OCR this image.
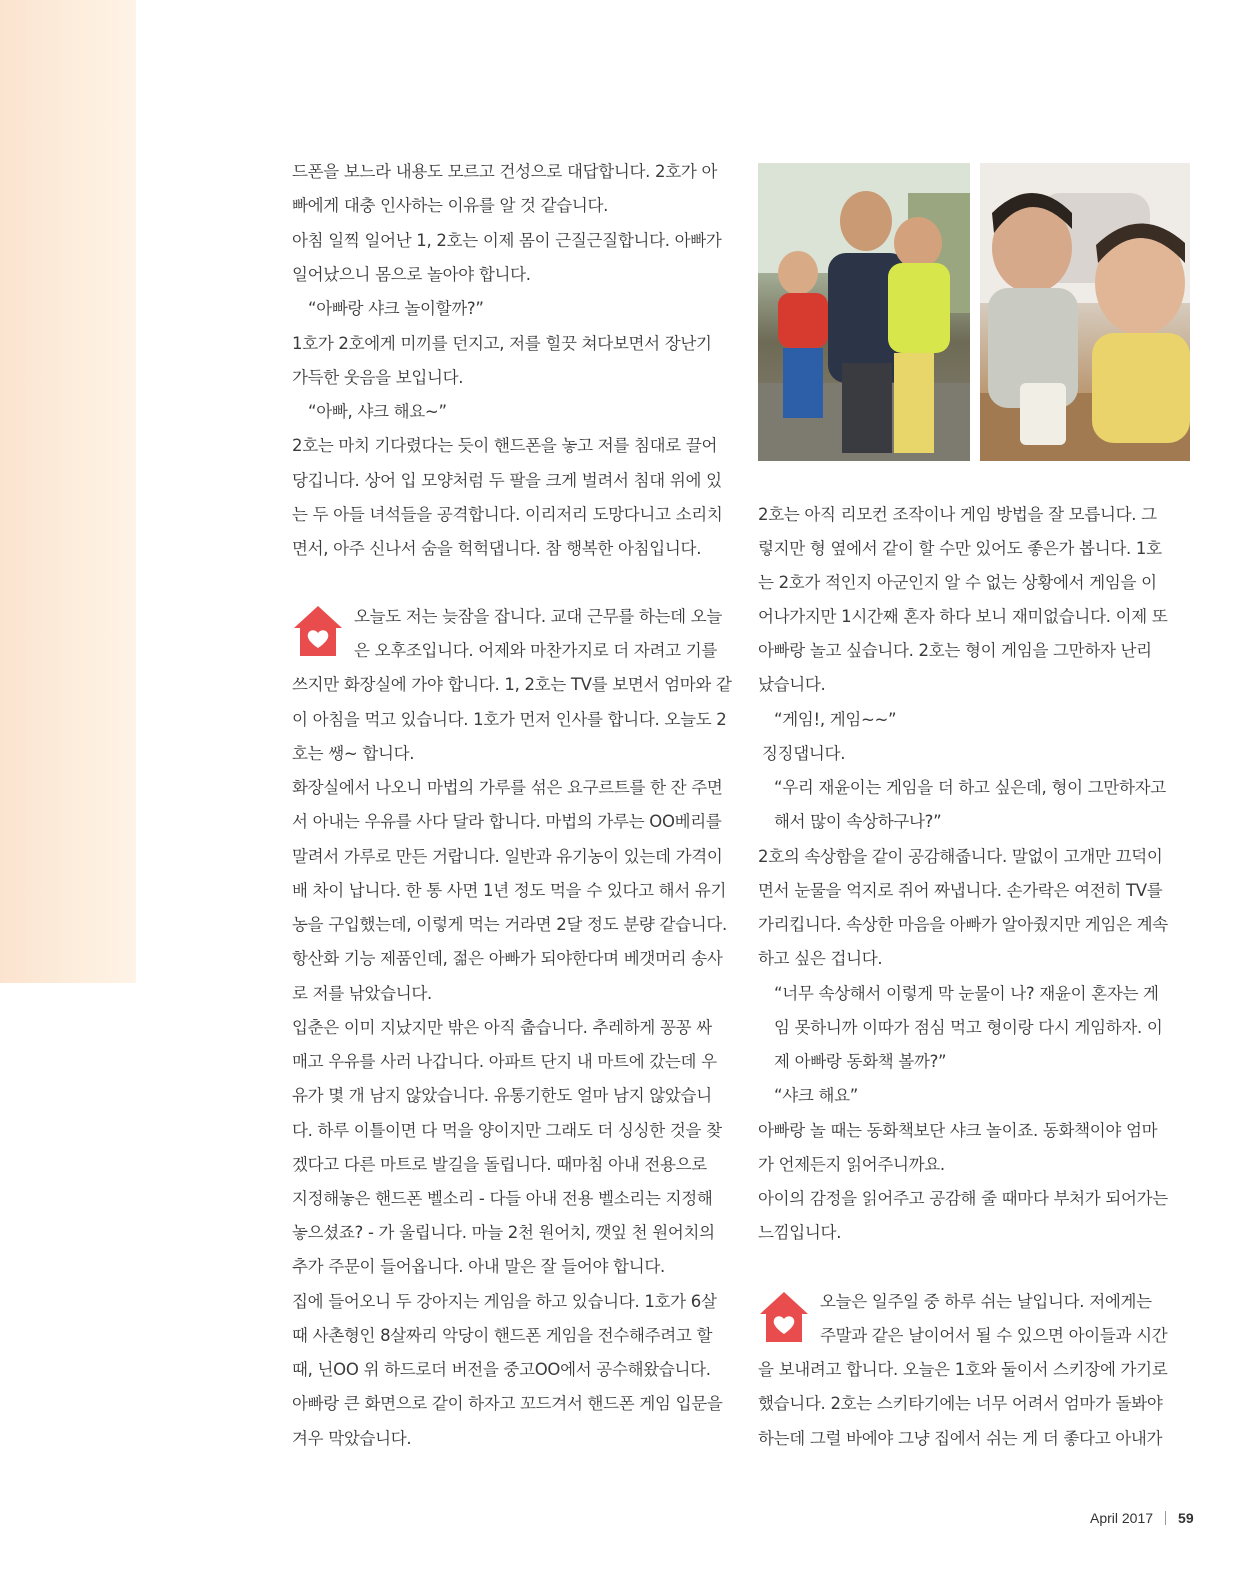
드폰을 보느라 내용도 모르고 건성으로 대답합니다. 2호가 아
빠에게 대충 인사하는 이유를 알 것 같습니다.
아침 일찍 일어난 1, 2호는 이제 몸이 근질근질합니다. 아빠가
일어났으니 몸으로 놀아야 합니다.
“아빠랑 샤크 놀이할까?”
1호가 2호에게 미끼를 던지고, 저를 힐끗 쳐다보면서 장난기
가득한 웃음을 보입니다.
“아빠, 샤크 해요~”
2호는 마치 기다렸다는 듯이 핸드폰을 놓고 저를 침대로 끌어
당깁니다. 상어 입 모양처럼 두 팔을 크게 벌려서 침대 위에 있
는 두 아들 녀석들을 공격합니다. 이리저리 도망다니고 소리치
면서, 아주 신나서 숨을 헉헉댑니다. 참 행복한 아침입니다.
오늘도 저는 늦잠을 잡니다. 교대 근무를 하는데 오늘
은 오후조입니다. 어제와 마찬가지로 더 자려고 기를
쓰지만 화장실에 가야 합니다. 1, 2호는 TV를 보면서 엄마와 같
이 아침을 먹고 있습니다. 1호가 먼저 인사를 합니다. 오늘도 2
호는 쌩~ 합니다.
화장실에서 나오니 마법의 가루를 섞은 요구르트를 한 잔 주면
서 아내는 우유를 사다 달라 합니다. 마법의 가루는 OO베리를
말려서 가루로 만든 거랍니다. 일반과 유기농이 있는데 가격이
배 차이 납니다. 한 통 사면 1년 정도 먹을 수 있다고 해서 유기
농을 구입했는데, 이렇게 먹는 거라면 2달 정도 분량 같습니다.
항산화 기능 제품인데, 젊은 아빠가 되야한다며 베갯머리 송사
로 저를 낚았습니다.
입춘은 이미 지났지만 밖은 아직 춥습니다. 추레하게 꽁꽁 싸
매고 우유를 사러 나갑니다. 아파트 단지 내 마트에 갔는데 우
유가 몇 개 남지 않았습니다. 유통기한도 얼마 남지 않았습니
다. 하루 이틀이면 다 먹을 양이지만 그래도 더 싱싱한 것을 찾
겠다고 다른 마트로 발길을 돌립니다. 때마침 아내 전용으로
지정해놓은 핸드폰 벨소리 - 다들 아내 전용 벨소리는 지정해
놓으셨죠? - 가 울립니다. 마늘 2천 원어치, 깻잎 천 원어치의
추가 주문이 들어옵니다. 아내 말은 잘 들어야 합니다.
집에 들어오니 두 강아지는 게임을 하고 있습니다. 1호가 6살
때 사촌형인 8살짜리 악당이 핸드폰 게임을 전수해주려고 할
때, 닌OO 위 하드로더 버전을 중고OO에서 공수해왔습니다.
아빠랑 큰 화면으로 같이 하자고 꼬드겨서 핸드폰 게임 입문을
겨우 막았습니다.
2호는 아직 리모컨 조작이나 게임 방법을 잘 모릅니다. 그
렇지만 형 옆에서 같이 할 수만 있어도 좋은가 봅니다. 1호
는 2호가 적인지 아군인지 알 수 없는 상황에서 게임을 이
어나가지만 1시간째 혼자 하다 보니 재미없습니다. 이제 또
아빠랑 놀고 싶습니다. 2호는 형이 게임을 그만하자 난리
났습니다.
“게임!, 게임~~”
징징댑니다.
“우리 재윤이는 게임을 더 하고 싶은데, 형이 그만하자고
해서 많이 속상하구나?”
2호의 속상함을 같이 공감해줍니다. 말없이 고개만 끄덕이
면서 눈물을 억지로 쥐어 짜냅니다. 손가락은 여전히 TV를
가리킵니다. 속상한 마음을 아빠가 알아줬지만 게임은 계속
하고 싶은 겁니다.
“너무 속상해서 이렇게 막 눈물이 나? 재윤이 혼자는 게
임 못하니까 이따가 점심 먹고 형이랑 다시 게임하자. 이
제 아빠랑 동화책 볼까?”
“샤크 해요”
아빠랑 놀 때는 동화책보단 샤크 놀이죠. 동화책이야 엄마
가 언제든지 읽어주니까요.
아이의 감정을 읽어주고 공감해 줄 때마다 부처가 되어가는
느낌입니다.
오늘은 일주일 중 하루 쉬는 날입니다. 저에게는
주말과 같은 날이어서 될 수 있으면 아이들과 시간
을 보내려고 합니다. 오늘은 1호와 둘이서 스키장에 가기로
했습니다. 2호는 스키타기에는 너무 어려서 엄마가 돌봐야
하는데 그럴 바에야 그냥 집에서 쉬는 게 더 좋다고 아내가
April 2017 59
